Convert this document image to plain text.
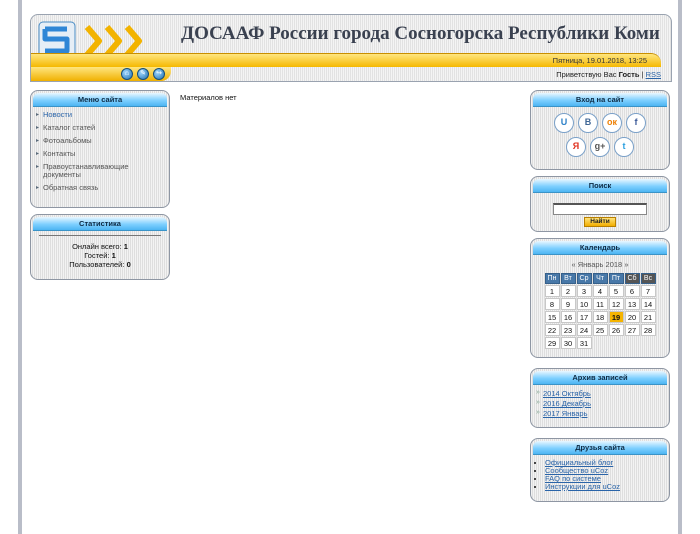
ДОСААФ России города Сосногорска Республики Коми
Пятница, 19.01.2018, 13:25
⌂	✎	↪	Приветствую Вас Гость | RSS
Меню сайта
▸ Новости
▸ Каталог статей
▸ Фотоальбомы
▸ Контакты
▸ Правоустанавливающие документы
▸ Обратная связь
Статистика
Онлайн всего: 1
Гостей: 1
Пользователей: 0
Материалов нет	Вход на сайт
U	B	ок	f
Я	g+	t
Поиск
Найти
Календарь
« Январь 2018 »
Пн	Вт	Ср	Чт	Пт	Сб	Вс
1	2	3	4	5	6	7
8	9	10	11	12	13	14
15	16	17	18	19	20	21
22	23	24	25	26	27	28
29	30	31				
Архив записей
» 2014 Октябрь
» 2016 Декабрь
» 2017 Январь
Друзья сайта
• Официальный блог
• Сообщество uCoz
• FAQ по системе
• Инструкции для uCoz
